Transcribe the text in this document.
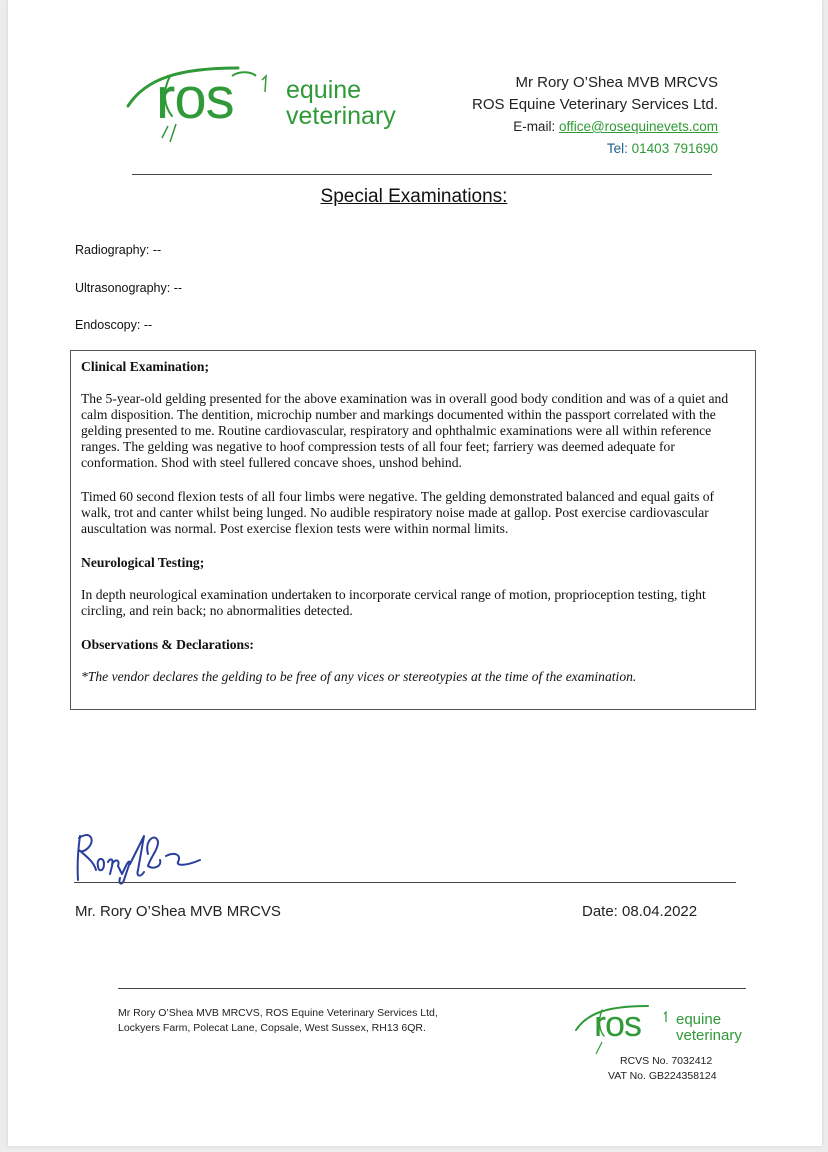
ros equine
veterinary
Mr Rory O’Shea MVB MRCVS
ROS Equine Veterinary Services Ltd.
E-mail: office@rosequinevets.com
Tel: 01403 791690
Special Examinations:
Radiography: --
Ultrasonography: --
Endoscopy: --
Clinical Examination;

The 5-year-old gelding presented for the above examination was in overall good body condition and was of a quiet and calm disposition. The dentition, microchip number and markings documented within the passport correlated with the gelding presented to me. Routine cardiovascular, respiratory and ophthalmic examinations were all within reference ranges. The gelding was negative to hoof compression tests of all four feet; farriery was deemed adequate for conformation. Shod with steel fullered concave shoes, unshod behind.

Timed 60 second flexion tests of all four limbs were negative. The gelding demonstrated balanced and equal gaits of walk, trot and canter whilst being lunged. No audible respiratory noise made at gallop. Post exercise cardiovascular auscultation was normal. Post exercise flexion tests were within normal limits.

Neurological Testing;

In depth neurological examination undertaken to incorporate cervical range of motion, proprioception testing, tight circling, and rein back; no abnormalities detected.

Observations & Declarations:

*The vendor declares the gelding to be free of any vices or stereotypies at the time of the examination.

Mr. Rory O’Shea MVB MRCVS	Date: 08.04.2022
Mr Rory O’Shea MVB MRCVS, ROS Equine Veterinary Services Ltd,
Lockyers Farm, Polecat Lane, Copsale, West Sussex, RH13 6QR.	ros equine
veterinary
RCVS No. 7032412
VAT No. GB224358124
